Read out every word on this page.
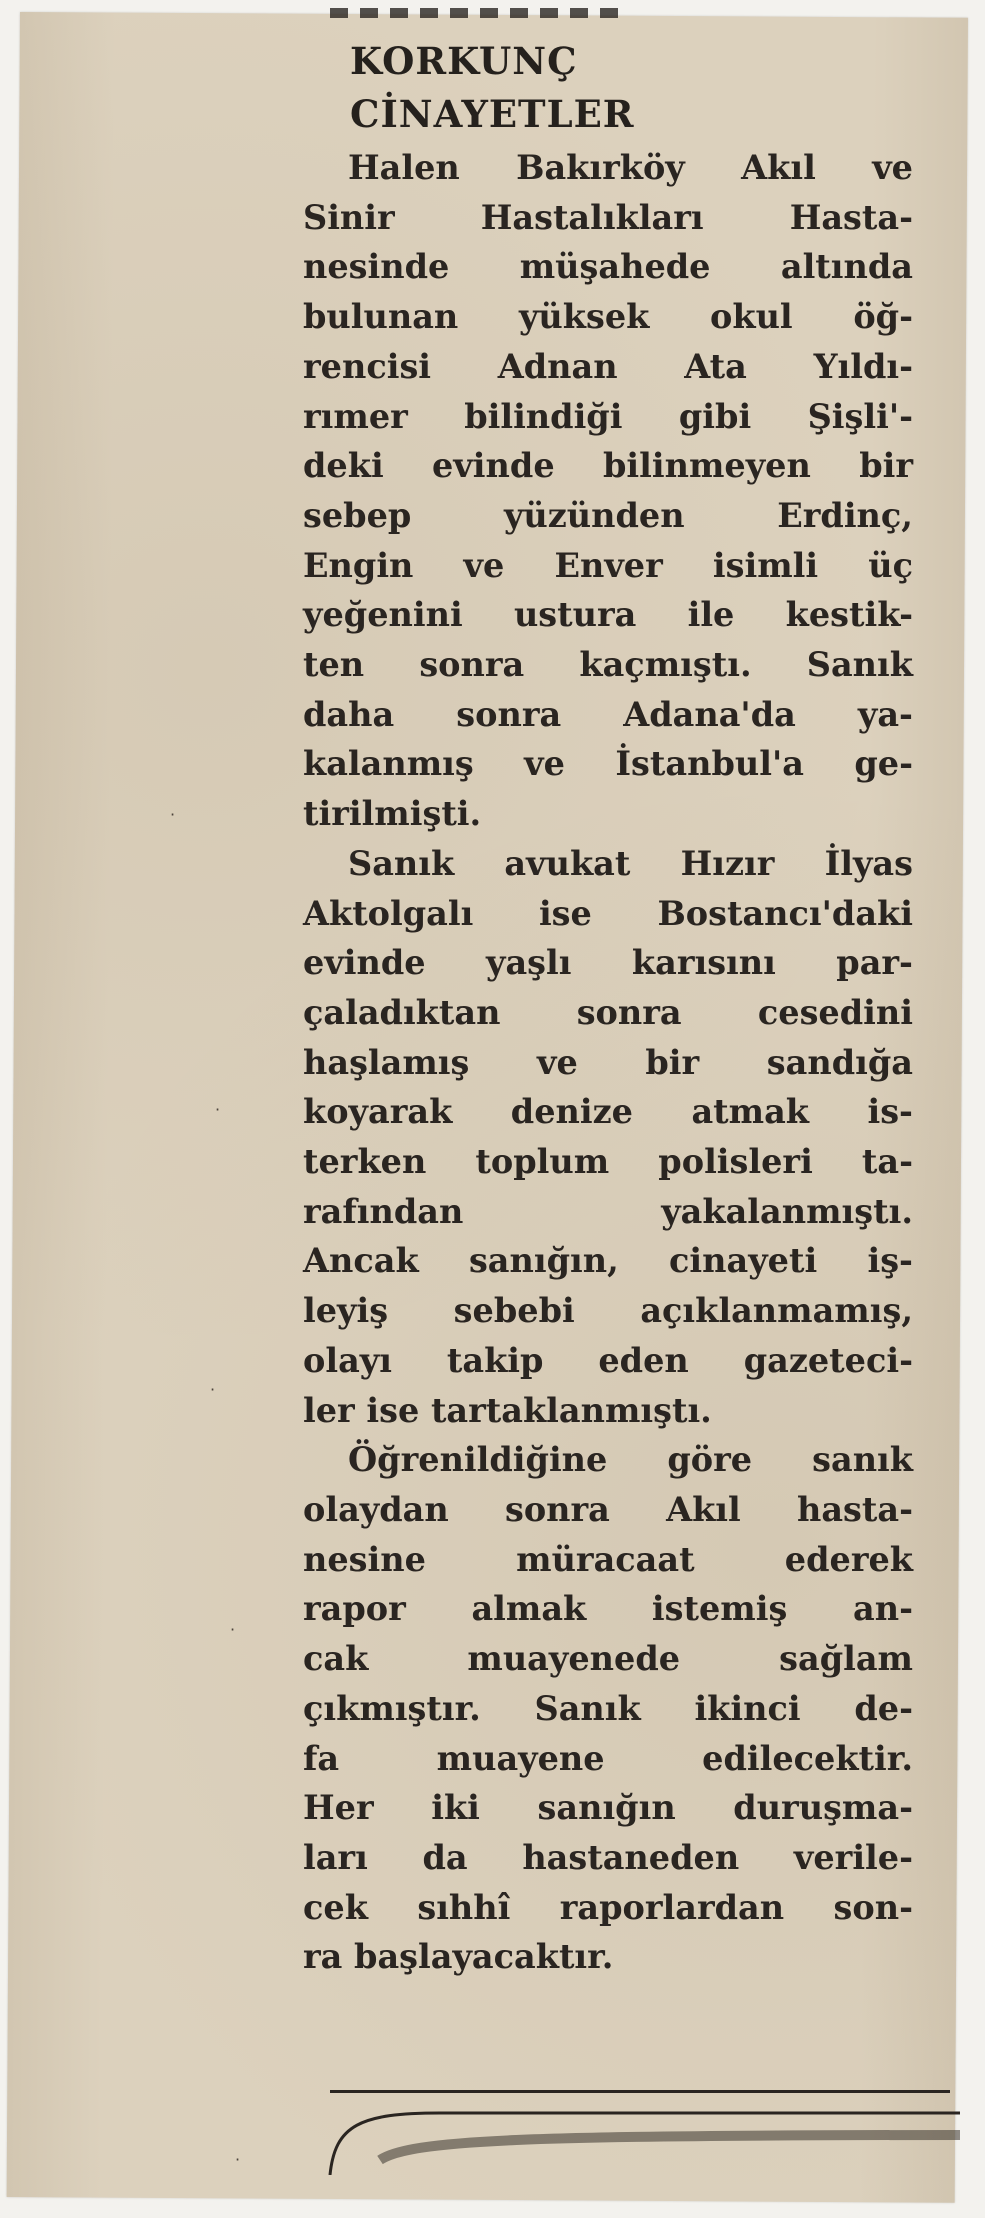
KORKUNÇ
CİNAYETLER
Halen Bakırköy Akıl ve
Sinir	Hastalıkları	Hasta-
nesinde müşahede altında
bulunan yüksek okul öğ-
rencisi Adnan Ata Yıldı-
rımer bilindiği gibi Şişli'-
deki evinde bilinmeyen bir
sebep	yüzünden	Erdinç,
Engin ve Enver isimli üç
yeğenini ustura ile kestik-
ten sonra kaçmıştı. Sanık
daha sonra Adana'da ya-
kalanmış ve İstanbul'a ge-
tirilmişti.
Sanık avukat Hızır İlyas
Aktolgalı ise Bostancı'daki
evinde yaşlı karısını par-
çaladıktan sonra cesedini
haşlamış ve bir sandığa
koyarak denize atmak is-
terken toplum polisleri ta-
rafından	yakalanmıştı.
Ancak sanığın, cinayeti iş-
leyiş sebebi açıklanmamış,
olayı takip eden gazeteci-
ler ise tartaklanmıştı.
Öğrenildiğine göre sanık
olaydan sonra Akıl hasta-
nesine	müracaat	ederek
rapor almak istemiş an-
cak	muayenede	sağlam
çıkmıştır. Sanık ikinci de-
fa	muayene	edilecektir.
Her iki sanığın duruşma-
ları da hastaneden verile-
cek sıhhî raporlardan son-
ra başlayacaktır.
·
·
·
·
·
